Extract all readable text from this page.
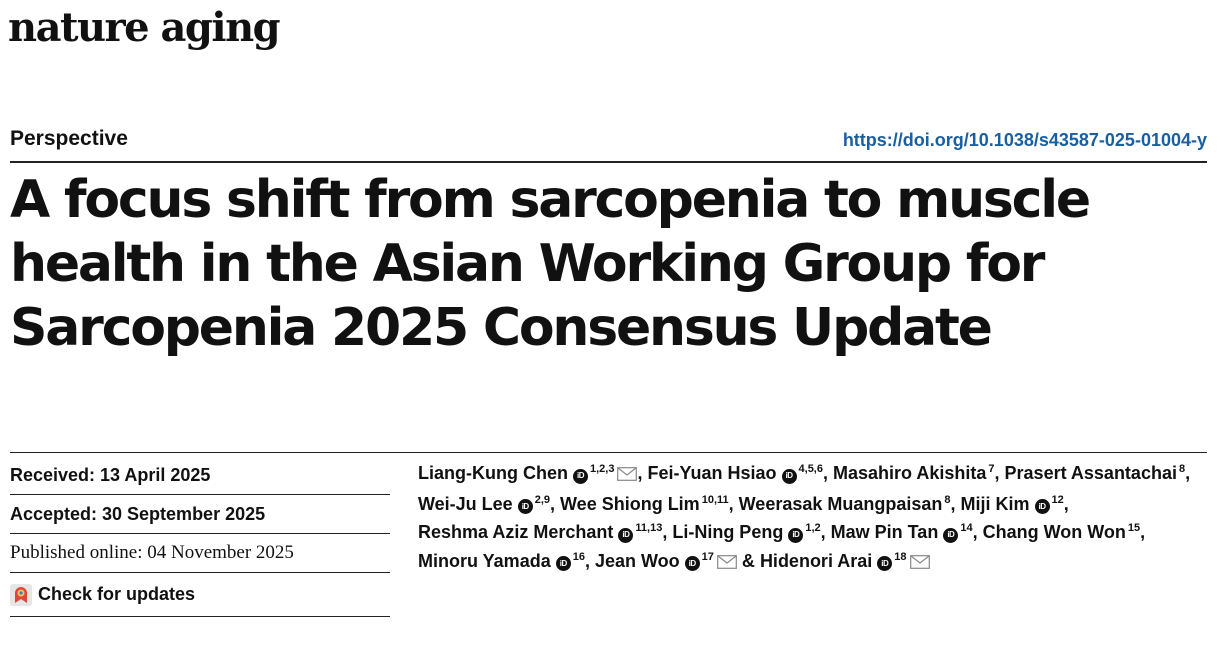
nature aging
Perspective	https://doi.org/10.1038/s43587-025-01004-y
A focus shift from sarcopenia to muscle health in the Asian Working Group for Sarcopenia 2025 Consensus Update
Received: 13 April 2025
Accepted: 30 September 2025
Published online: 04 November 2025
Check for updates
Liang-Kung Chen iD$^{1,2,3}$ , Fei-Yuan Hsiao iD$^{4,5,6}$, Masahiro Akishita $^7$, Prasert Assantachai $^8$, Wei-Ju Lee iD$^{2,9}$, Wee Shiong Lim $^{10,11}$, Weerasak Muangpaisan $^8$, Miji Kim $iD^{12}$, Reshma Aziz Merchant iD$^{11,13}$, Li-Ning Peng iD$^{1,2}$, Maw Pin Tan $iD^{14}$, Chang Won Won $^{15}$, Minoru Yamada $iD^{16}$, Jean Woo $iD^{17}$ & Hidenori Arai $iD^{18}$
